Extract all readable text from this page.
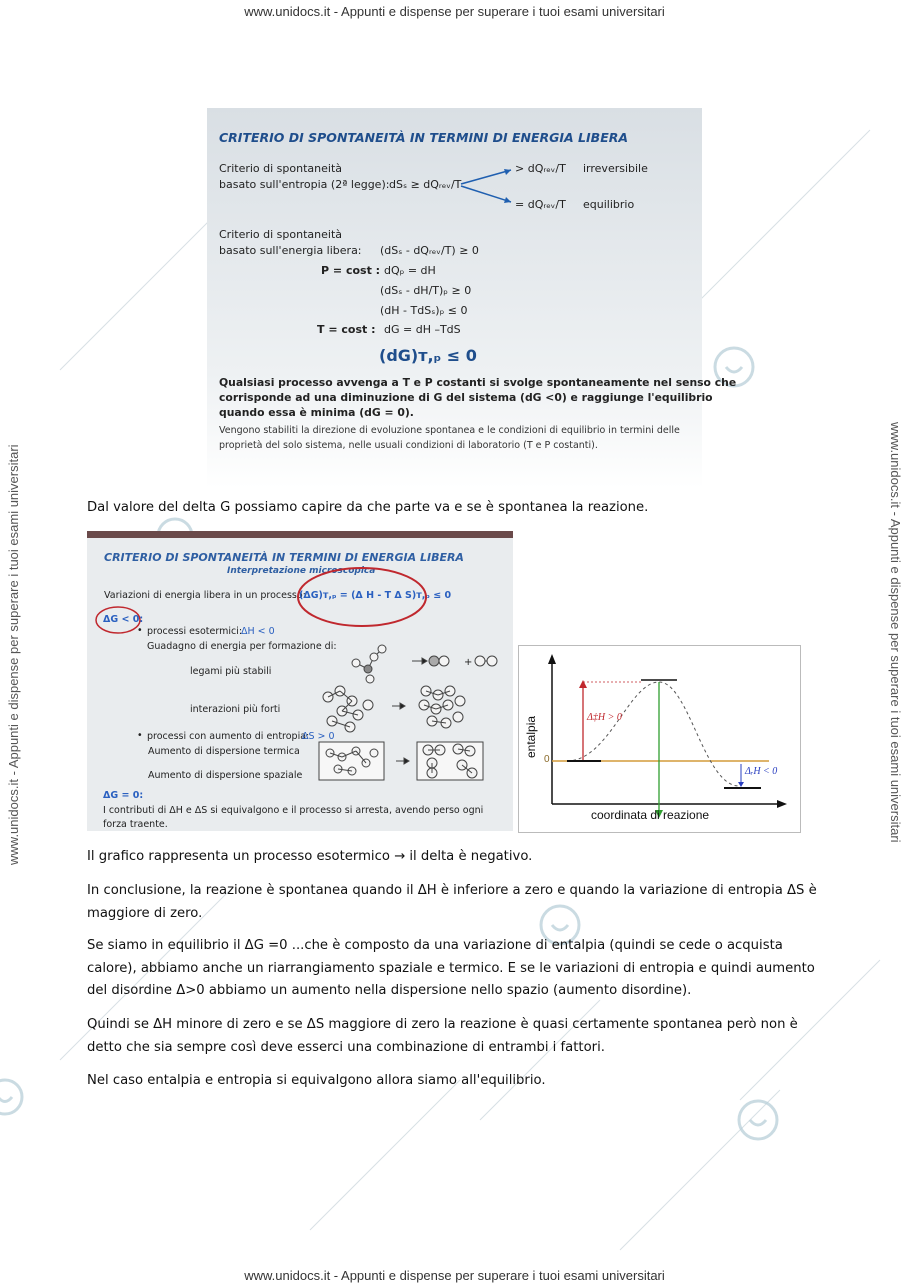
www.unidocs.it - Appunti e dispense per superare i tuoi esami universitari
www.unidocs.it - Appunti e dispense per superare i tuoi esami universitari
www.unidocs.it - Appunti e dispense per superare i tuoi esami universitari	www.unidocs.it - Appunti e dispense per superare i tuoi esami universitari
CRITERIO DI SPONTANEITÀ IN TERMINI DI ENERGIA LIBERA
Criterio di spontaneità
basato sull'entropia (2ª legge): dSₛ ≥ dQᵣₑᵥ/T
> dQᵣₑᵥ/T irreversibile
= dQᵣₑᵥ/T equilibrio
Criterio di spontaneità
basato sull'energia libera: (dSₛ - dQᵣₑᵥ/T) ≥ 0
P = cost : dQₚ = dH
(dSₛ - dH/T)ₚ ≥ 0
(dH - TdSₛ)ₚ ≤ 0
T = cost : dG = dH –TdS
(dG)ᴛ,ₚ ≤ 0
Qualsiasi processo avvenga a T e P costanti si svolge spontaneamente nel senso che
corrisponde ad una diminuzione di G del sistema (dG <0) e raggiunge l'equilibrio
quando essa è minima (dG = 0).
Vengono stabiliti la direzione di evoluzione spontanea e le condizioni di equilibrio in termini delle
proprietà del solo sistema, nelle usuali condizioni di laboratorio (T e P costanti).
Dal valore del delta G possiamo capire da che parte va e se è spontanea la reazione.
CRITERIO DI SPONTANEITÀ IN TERMINI DI ENERGIA LIBERA
Interpretazione microscopica
Variazioni di energia libera in un processo:
(ΔG)ᴛ,ₚ = (Δ H - T Δ S)ᴛ,ₚ ≤ 0
ΔG < 0:
• processi esotermici:
ΔH < 0
Guadagno di energia per formazione di:
legami più stabili
interazioni più forti
• processi con aumento di entropia:
ΔS > 0
Aumento di dispersione termica
Aumento di dispersione spaziale
ΔG = 0:
I contributi di ΔH e ΔS si equivalgono e il processo si arresta, avendo perso ogni
forza traente.
+
entalpia
coordinata di reazione
0
Δ‡H > 0
ΔᵣH < 0
Il grafico rappresenta un processo esotermico → il delta è negativo.
In conclusione, la reazione è spontanea quando il ΔH è inferiore a zero e quando la variazione di entropia ΔS è maggiore di zero.
Se siamo in equilibrio il ΔG =0 ...che è composto da una variazione di entalpia (quindi se cede o acquista calore), abbiamo anche un riarrangiamento spaziale e termico. E se le variazioni di entropia e quindi aumento del disordine Δ>0 abbiamo un aumento nella dispersione nello spazio (aumento disordine).
Quindi se ΔH minore di zero e se ΔS maggiore di zero la reazione è quasi certamente spontanea però non è detto che sia sempre così deve esserci una combinazione di entrambi i fattori.
Nel caso entalpia e entropia si equivalgono allora siamo all'equilibrio.
